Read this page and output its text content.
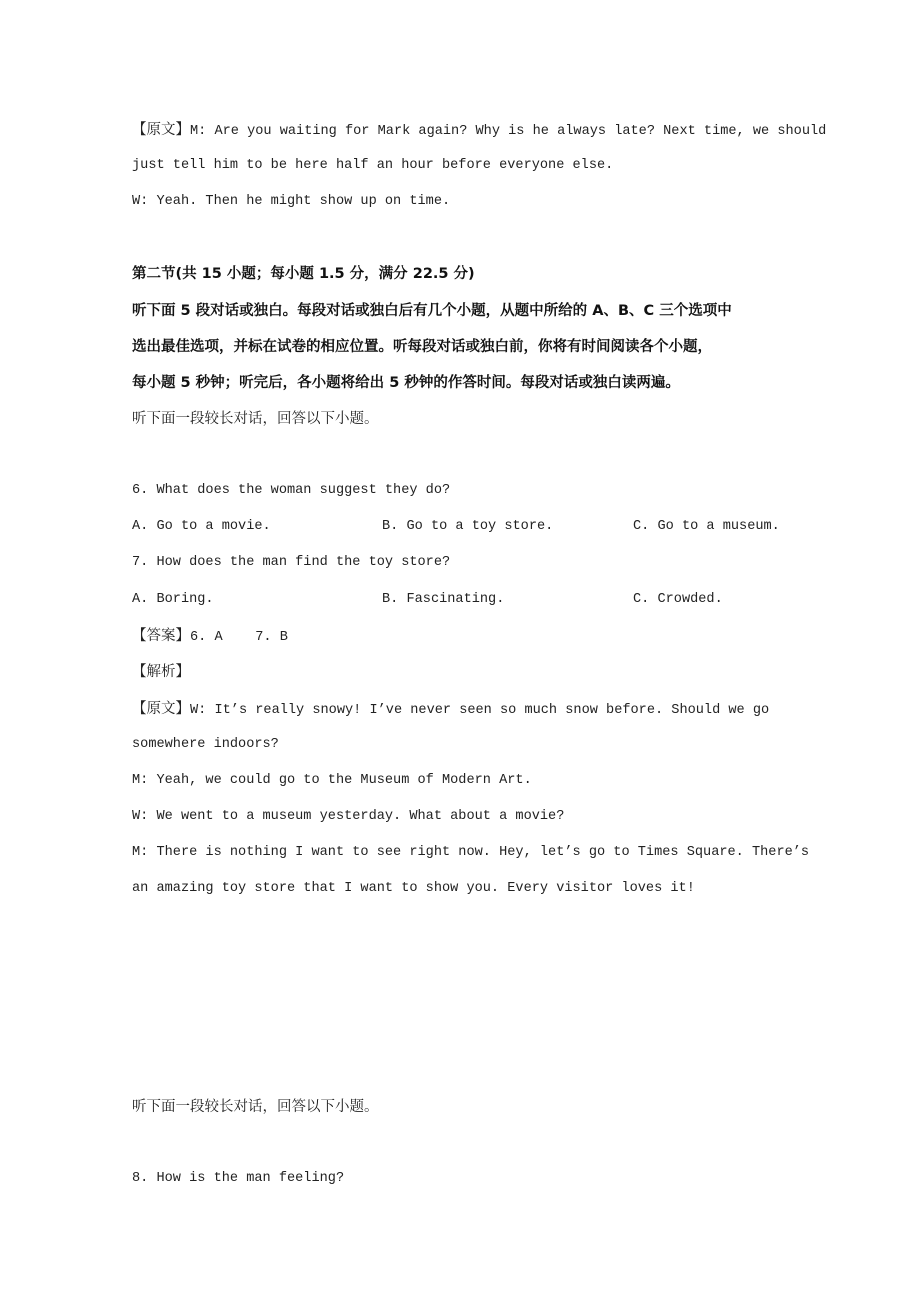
【原文】M: Are you waiting for Mark again? Why is he always late? Next time, we should
just tell him to be here half an hour before everyone else.
W: Yeah. Then he might show up on time.
第二节(共 15 小题；每小题 1.5 分，满分 22.5 分)
听下面 5 段对话或独白。每段对话或独白后有几个小题，从题中所给的 A、B、C 三个选项中
选出最佳选项，并标在试卷的相应位置。听每段对话或独白前，你将有时间阅读各个小题，
每小题 5 秒钟；听完后，各小题将给出 5 秒钟的作答时间。每段对话或独白读两遍。
听下面一段较长对话，回答以下小题。
6. What does the woman suggest they do?
A. Go to a movie.	B. Go to a toy store.	C. Go to a museum.
7. How does the man find the toy store?
A. Boring.	B. Fascinating.	C. Crowded.
【答案】6. A    7. B
【解析】
【原文】W: It’s really snowy! I’ve never seen so much snow before. Should we go
somewhere indoors?
M: Yeah, we could go to the Museum of Modern Art.
W: We went to a museum yesterday. What about a movie?
M: There is nothing I want to see right now. Hey, let’s go to Times Square. There’s
an amazing toy store that I want to show you. Every visitor loves it!
听下面一段较长对话，回答以下小题。
8. How is the man feeling?
